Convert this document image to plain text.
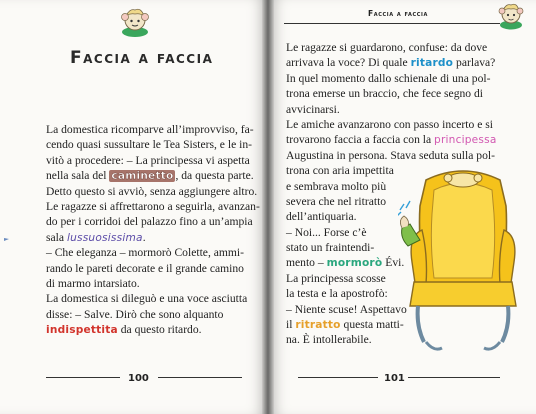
Faccia a faccia
La domestica ricomparve all’improvviso, fa-
cendo quasi sussultare le Tea Sisters, e le in-
vitò a procedere: – La principessa vi aspetta
nella sala del caminetto , da questa parte.
Detto questo si avviò, senza aggiungere altro.
Le ragazze si affrettarono a seguirla, avanzan-
do per i corridoi del palazzo fino a un’ampia
sala lussuosissima.
– Che eleganza – mormorò Colette, ammi-
rando le pareti decorate e il grande camino
di marmo intarsiato.
La domestica si dileguò e una voce asciutta
disse: – Salve. Dirò che sono alquanto
indispettita da questo ritardo.
100
Faccia a faccia
Le ragazze si guardarono, confuse: da dove
arrivava la voce? Di quale ritardo parlava?
In quel momento dallo schienale di una pol-
trona emerse un braccio, che fece segno di
avvicinarsi.
Le amiche avanzarono con passo incerto e si
trovarono faccia a faccia con la principessa
Augustina in persona. Stava seduta sulla pol-
trona con aria impettita
e sembrava molto più
severa che nel ritratto
dell’antiquaria.
– Noi... Forse c’è
stato un fraintendi-
mento – mormorò Évi.
La principessa scosse
la testa e la apostrofò:
– Niente scuse! Aspettavo
il ritratto questa matti-
na. È intollerabile.
101
